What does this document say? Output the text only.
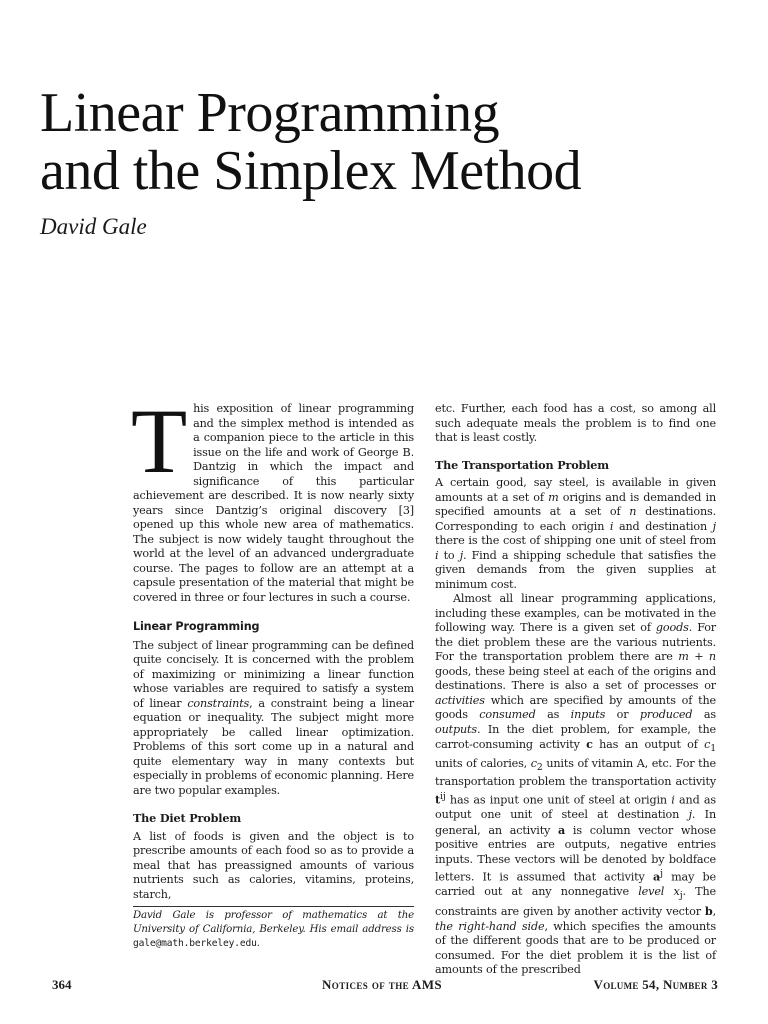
Linear Programming
and the Simplex Method
David Gale

This exposition of linear programming and the simplex method is intended as a companion piece to the article in this issue on the life and work of George B. Dantzig in which the impact and significance of this particular achievement are described. It is now nearly sixty years since Dantzig’s original discovery [3] opened up this whole new area of mathematics. The subject is now widely taught throughout the world at the level of an advanced undergraduate course. The pages to follow are an attempt at a capsule presentation of the material that might be covered in three or four lectures in such a course.

Linear Programming

The subject of linear programming can be defined quite concisely. It is concerned with the problem of maximizing or minimizing a linear function whose variables are required to satisfy a system of linear constraints, a constraint being a linear equation or inequality. The subject might more appropriately be called linear optimization. Problems of this sort come up in a natural and quite elementary way in many contexts but especially in problems of economic planning. Here are two popular examples.

The Diet Problem

A list of foods is given and the object is to prescribe amounts of each food so as to provide a meal that has preassigned amounts of various nutrients such as calories, vitamins, proteins, starch,

David Gale is professor of mathematics at the University of California, Berkeley. His email address is gale@math.berkeley.edu.

etc. Further, each food has a cost, so among all such adequate meals the problem is to find one that is least costly.

The Transportation Problem

A certain good, say steel, is available in given amounts at a set of m origins and is demanded in specified amounts at a set of n destinations. Corresponding to each origin i and destination j there is the cost of shipping one unit of steel from i to j. Find a shipping schedule that satisfies the given demands from the given supplies at minimum cost.

Almost all linear programming applications, including these examples, can be motivated in the following way. There is a given set of goods. For the diet problem these are the various nutrients. For the transportation problem there are m + n goods, these being steel at each of the origins and destinations. There is also a set of processes or activities which are specified by amounts of the goods consumed as inputs or produced as outputs. In the diet problem, for example, the carrot-consuming activity c has an output of $c_1$ units of calories, $c_2$ units of vitamin A, etc. For the transportation problem the transportation activity $t^{ij}$ has as input one unit of steel at origin i and as output one unit of steel at destination j. In general, an activity a is column vector whose positive entries are outputs, negative entries inputs. These vectors will be denoted by boldface letters. It is assumed that activity $a^j$ may be carried out at any nonnegative level $x_j$. The constraints are given by another activity vector b, the right-hand side, which specifies the amounts of the different goods that are to be produced or consumed. For the diet problem it is the list of amounts of the prescribed

364	Notices of the AMS	Volume 54, Number 3
